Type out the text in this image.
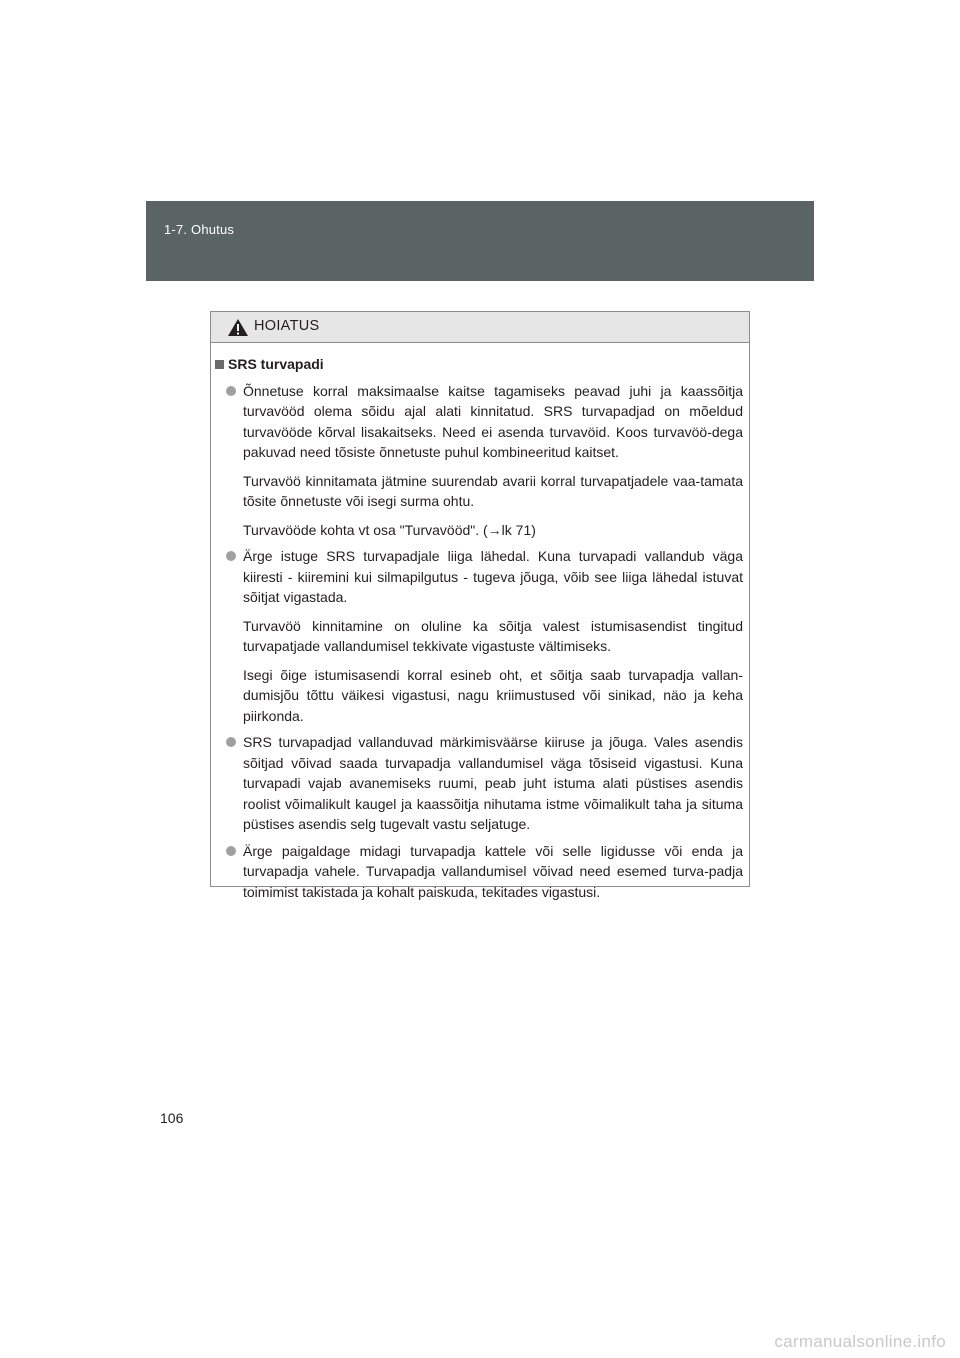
1-7. Ohutus
HOIATUS
SRS turvapadi

Õnnetuse korral maksimaalse kaitse tagamiseks peavad juhi ja kaassõitja turvavööd olema sõidu ajal alati kinnitatud. SRS turvapadjad on mõeldud turvavööde kõrval lisakaitseks. Need ei asenda turvavöid. Koos turvavöö-dega pakuvad need tõsiste õnnetuste puhul kombineeritud kaitset.

Turvavöö kinnitamata jätmine suurendab avarii korral turvapatjadele vaa-tamata tõsite õnnetuste või isegi surma ohtu.

Turvavööde kohta vt osa "Turvavööd". (→lk 71)

Ärge istuge SRS turvapadjale liiga lähedal. Kuna turvapadi vallandub väga kiiresti - kiiremini kui silmapilgutus - tugeva jõuga, võib see liiga lähedal istuvat sõitjat vigastada.

Turvavöö kinnitamine on oluline ka sõitja valest istumisasendist tingitud turvapatjade vallandumisel tekkivate vigastuste vältimiseks.

Isegi õige istumisasendi korral esineb oht, et sõitja saab turvapadja vallan-dumisjõu tõttu väikesi vigastusi, nagu kriimustused või sinikad, näo ja keha piirkonda.

SRS turvapadjad vallanduvad märkimisväärse kiiruse ja jõuga. Vales asendis sõitjad võivad saada turvapadja vallandumisel väga tõsiseid vigastusi. Kuna turvapadi vajab avanemiseks ruumi, peab juht istuma alati püstises asendis roolist võimalikult kaugel ja kaassõitja nihutama istme võimalikult taha ja situma püstises asendis selg tugevalt vastu seljatuge.

Ärge paigaldage midagi turvapadja kattele või selle ligidusse või enda ja turvapadja vahele. Turvapadja vallandumisel võivad need esemed turva-padja toimimist takistada ja kohalt paiskuda, tekitades vigastusi.

106
carmanualsonline.info
